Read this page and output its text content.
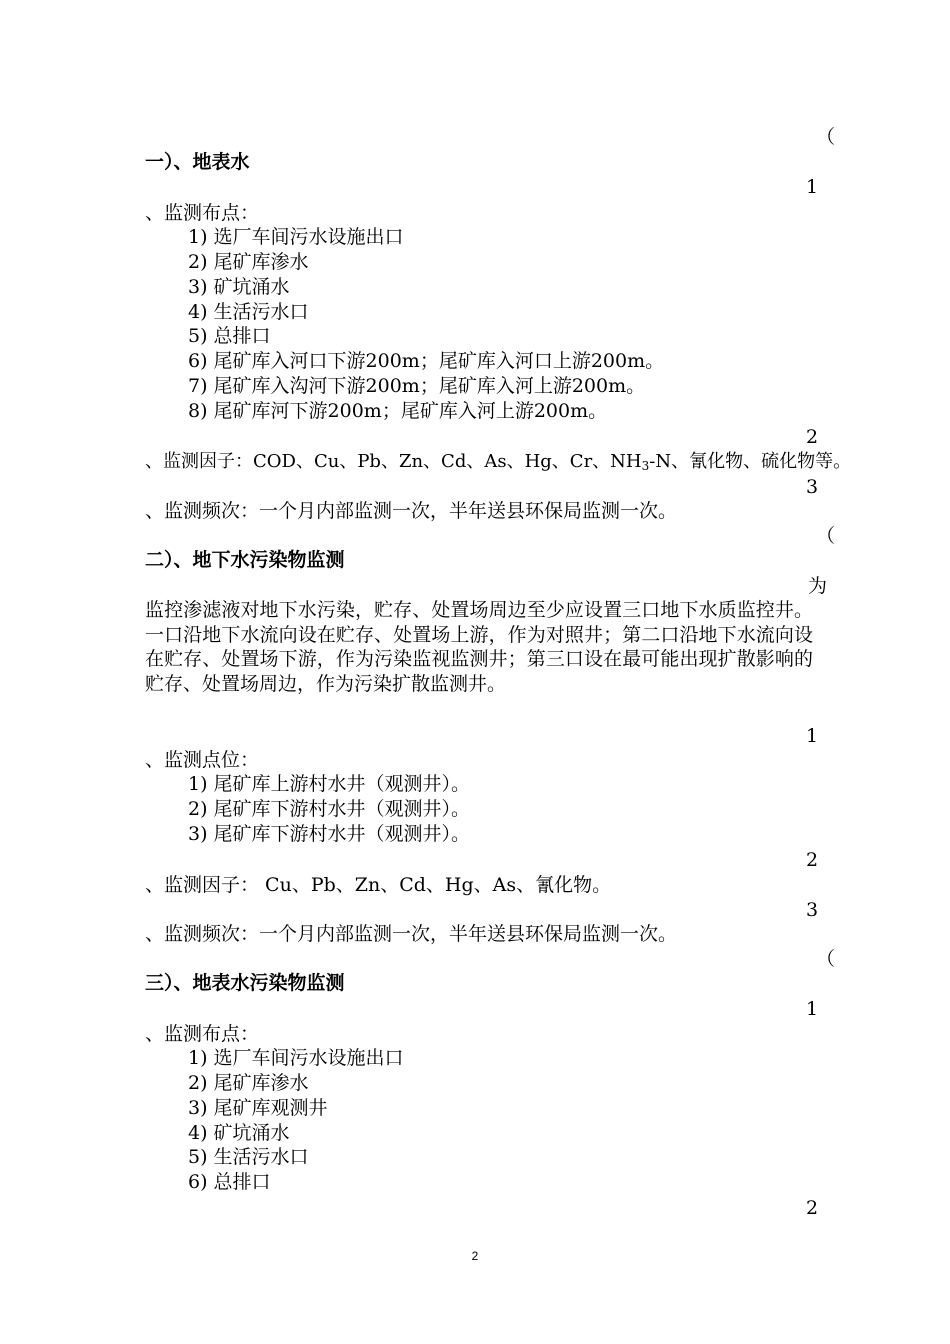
（
1
2
3
（
为
1
2
3
（
1
2
一）、地表水
、监测布点：
1) 选厂车间污水设施出口
2) 尾矿库渗水
3) 矿坑涌水
4) 生活污水口
5) 总排口
6) 尾矿库入河口下游200m；尾矿库入河口上游200m。
7) 尾矿库入沟河下游200m；尾矿库入河上游200m。
8) 尾矿库河下游200m；尾矿库入河上游200m。
、监测因子：COD、Cu、Pb、Zn、Cd、As、Hg、Cr、$NH_3-N$、氰化物、硫化物等。
、监测频次：一个月内部监测一次，半年送县环保局监测一次。
二）、地下水污染物监测
监控渗滤液对地下水污染，贮存、处置场周边至少应设置三口地下水质监控井。一口沿地下水流向设在贮存、处置场上游，作为对照井；第二口沿地下水流向设在贮存、处置场下游，作为污染监视监测井；第三口设在最可能出现扩散影响的贮存、处置场周边，作为污染扩散监测井。
、监测点位：
1) 尾矿库上游村水井（观测井）。
2) 尾矿库下游村水井（观测井）。
3) 尾矿库下游村水井（观测井）。
、监测因子： Cu、Pb、Zn、Cd、Hg、As、氰化物。
、监测频次：一个月内部监测一次，半年送县环保局监测一次。
三）、地表水污染物监测
、监测布点：
1) 选厂车间污水设施出口
2) 尾矿库渗水
3) 尾矿库观测井
4) 矿坑涌水
5) 生活污水口
6) 总排口
2
